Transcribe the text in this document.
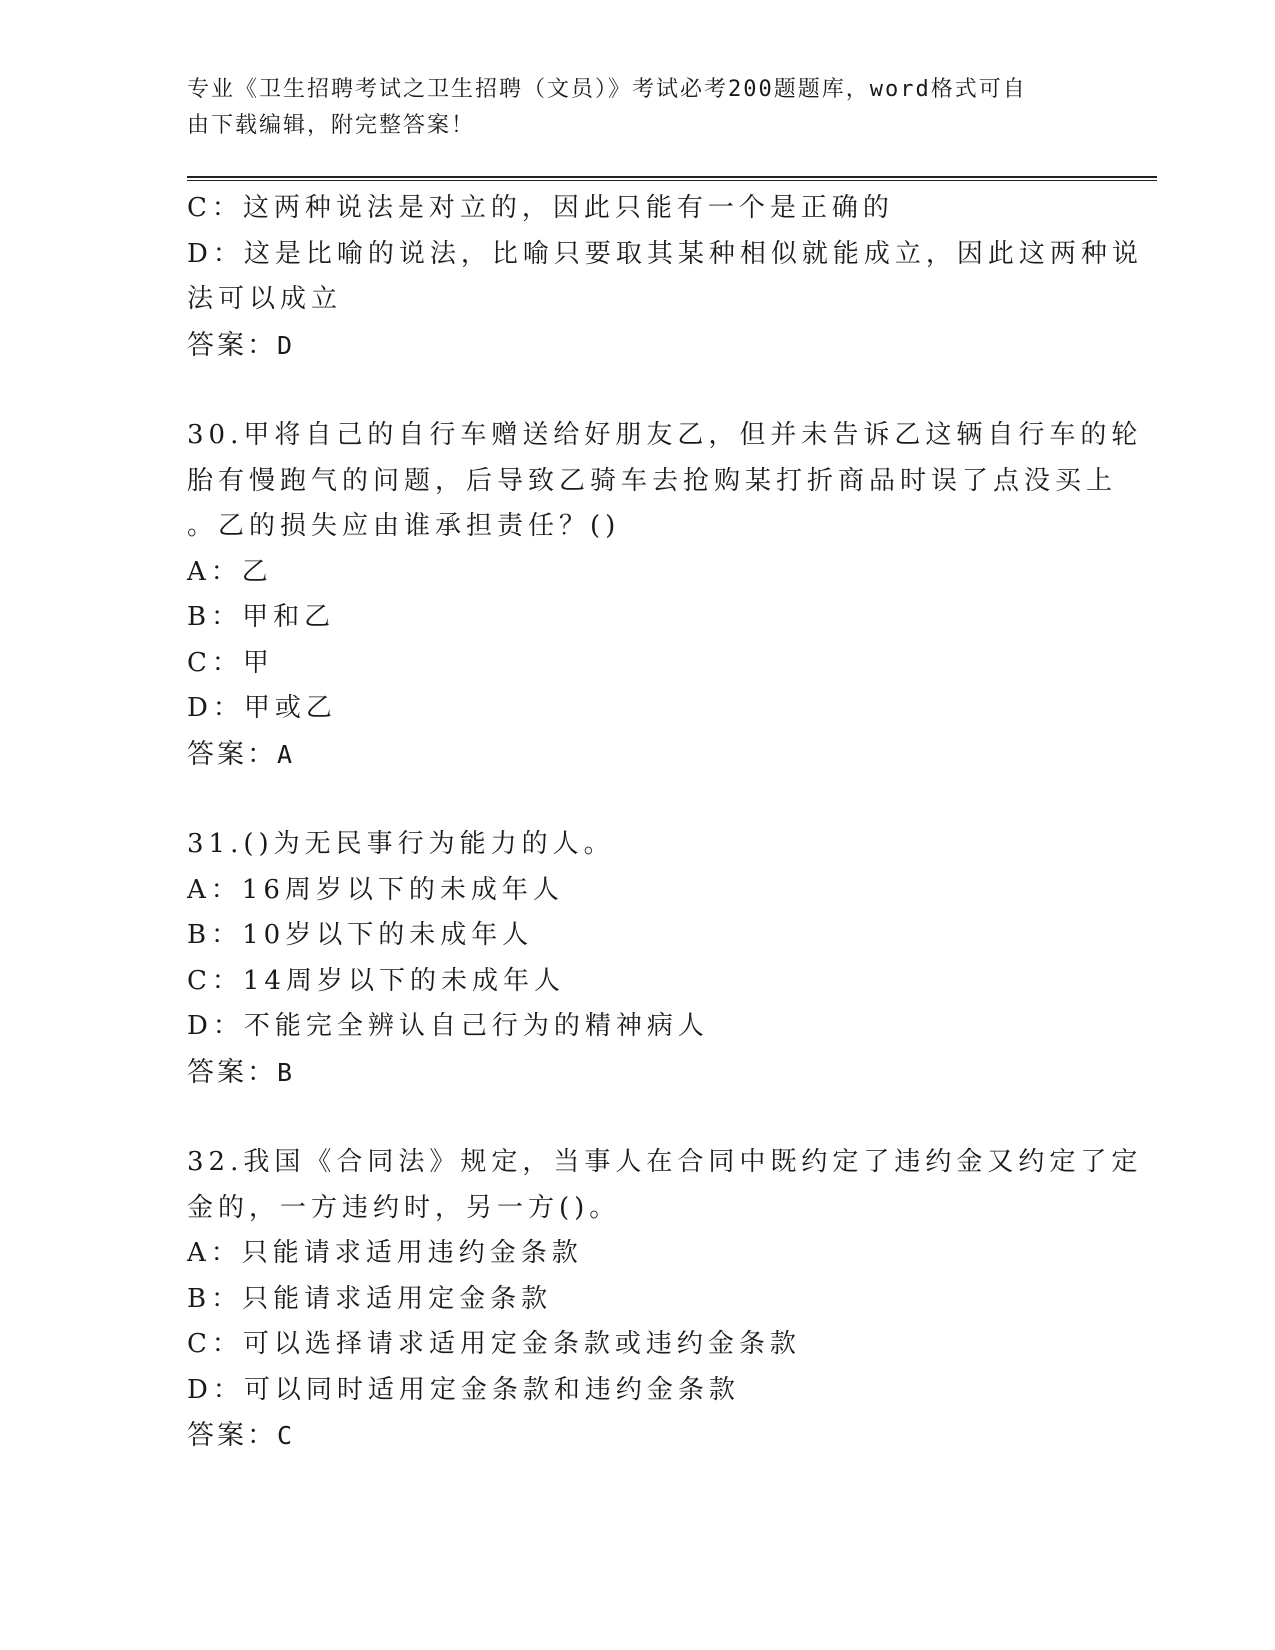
专业《卫生招聘考试之卫生招聘（文员）》考试必考200题题库，word格式可自
由下载编辑，附完整答案！
C：这两种说法是对立的，因此只能有一个是正确的
D：这是比喻的说法，比喻只要取其某种相似就能成立，因此这两种说
法可以成立
答案：D
30.甲将自己的自行车赠送给好朋友乙，但并未告诉乙这辆自行车的轮
胎有慢跑气的问题，后导致乙骑车去抢购某打折商品时误了点没买上
。乙的损失应由谁承担责任？()
A：乙
B：甲和乙
C：甲
D：甲或乙
答案：A
31.()为无民事行为能力的人。
A：16周岁以下的未成年人
B：10岁以下的未成年人
C：14周岁以下的未成年人
D：不能完全辨认自己行为的精神病人
答案：B
32.我国《合同法》规定，当事人在合同中既约定了违约金又约定了定
金的，一方违约时，另一方()。
A：只能请求适用违约金条款
B：只能请求适用定金条款
C：可以选择请求适用定金条款或违约金条款
D：可以同时适用定金条款和违约金条款
答案：C
